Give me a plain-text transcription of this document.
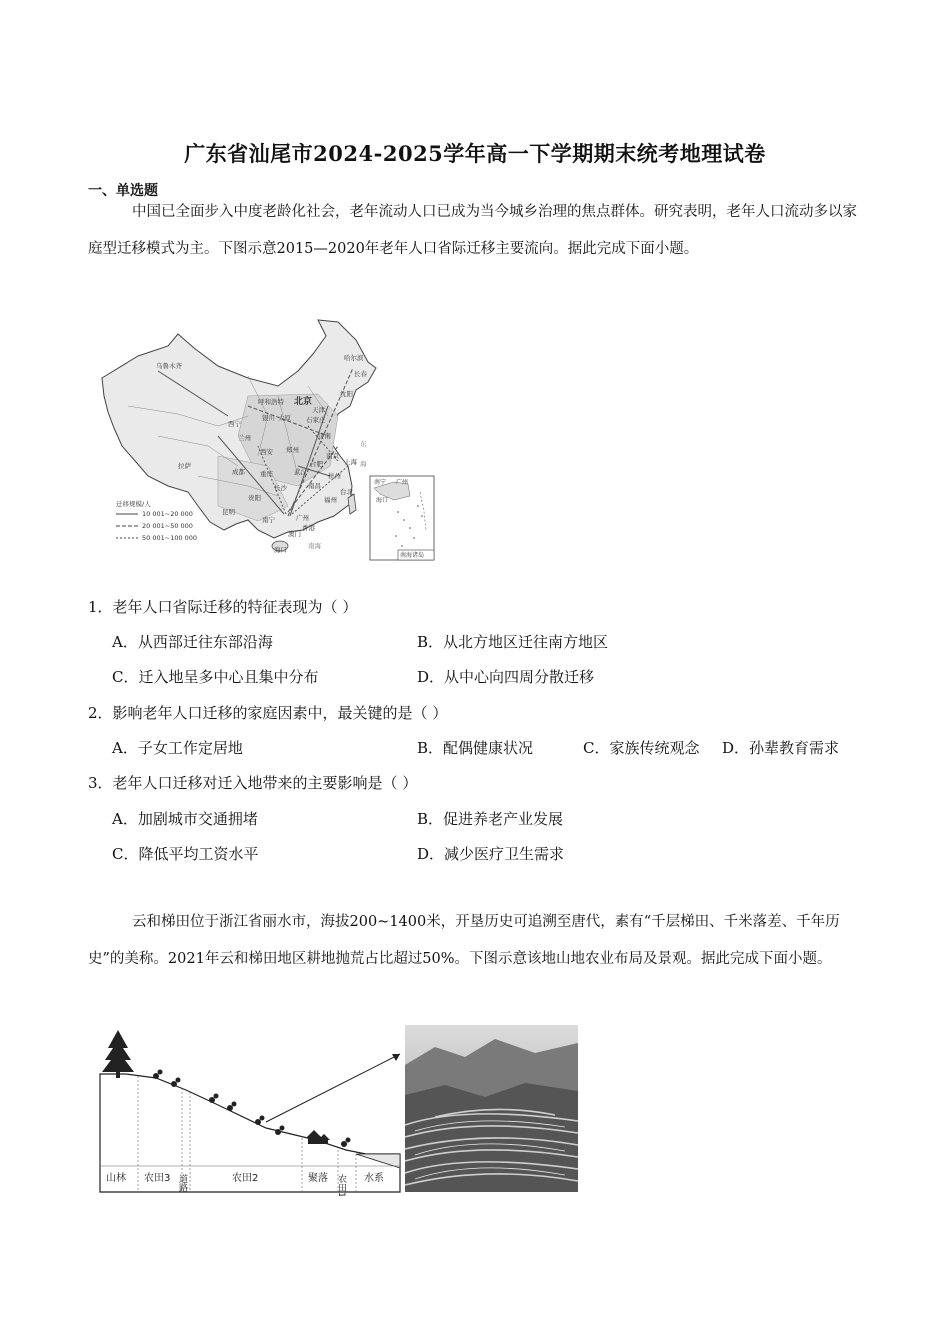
广东省汕尾市2024-2025学年高一下学期期末统考地理试卷
一、单选题
中国已全面步入中度老龄化社会，老年流动人口已成为当今城乡治理的焦点群体。研究表明，老年人口流动多以家庭型迁移模式为主。下图示意2015—2020年老年人口省际迁移主要流向。据此完成下面小题。
乌鲁木齐
哈尔滨
长春
沈阳
北京
呼和浩特
天津
银川 太原 石家庄
西宁
兰州	济南
西安 郑州
南京
合肥	上海
拉萨
成都 重庆	武汉	杭州
长沙	南昌
福州
贵阳
昆明
台北
南宁	广州
香港
澳门
海口
东
海
南海
迁移规模/人
10 001~20 000
20 001~50 000
50 001~100 000
南宁 广州
海口
南海诸岛
1．老年人口省际迁移的特征表现为（ ）
A．从西部迁往东部沿海	B．从北方地区迁往南方地区
C．迁入地呈多中心且集中分布	D．从中心向四周分散迁移
2．影响老年人口迁移的家庭因素中，最关键的是（ ）
A．子女工作定居地	B．配偶健康状况	C．家族传统观念 D．孙辈教育需求
3．老年人口迁移对迁入地带来的主要影响是（ ）
A．加剧城市交通拥堵	B．促进养老产业发展
C．降低平均工资水平	D．减少医疗卫生需求
云和梯田位于浙江省丽水市，海拔200~1400米，开垦历史可追溯至唐代，素有“千层梯田、千米落差、千年历史”的美称。2021年云和梯田地区耕地抛荒占比超过50%。下图示意该地山地农业布局及景观。据此完成下面小题。
山林 农田3 道路	农田2	聚落 农田1 水系
